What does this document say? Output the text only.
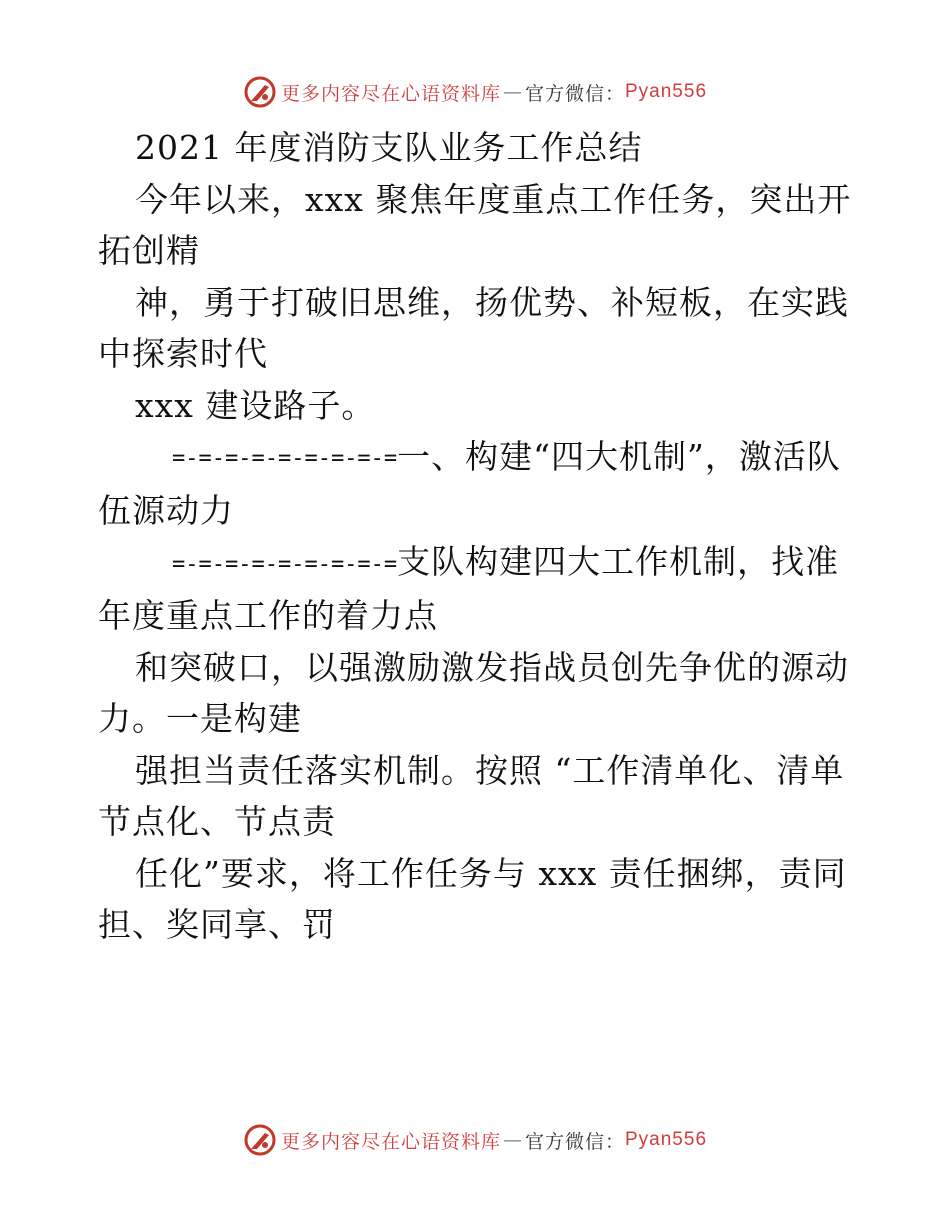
更多内容尽在心语资料库 — 官方微信： Pyan556

2021 年度消防支队业务工作总结

今年以来，xxx 聚焦年度重点工作任务，突出开拓创精

神，勇于打破旧思维，扬优势、补短板，在实践中探索时代

xxx 建设路子。

=-=-=-=-=-=-=-=-=一、构建“四大机制”，激活队伍源动力

=-=-=-=-=-=-=-=-=支队构建四大工作机制，找准年度重点工作的着力点

和突破口，以强激励激发指战员创先争优的源动力。一是构建

强担当责任落实机制。按照 “工作清单化、清单节点化、节点责

任化”要求，将工作任务与 xxx 责任捆绑，责同担、奖同享、罚

更多内容尽在心语资料库 — 官方微信： Pyan556
